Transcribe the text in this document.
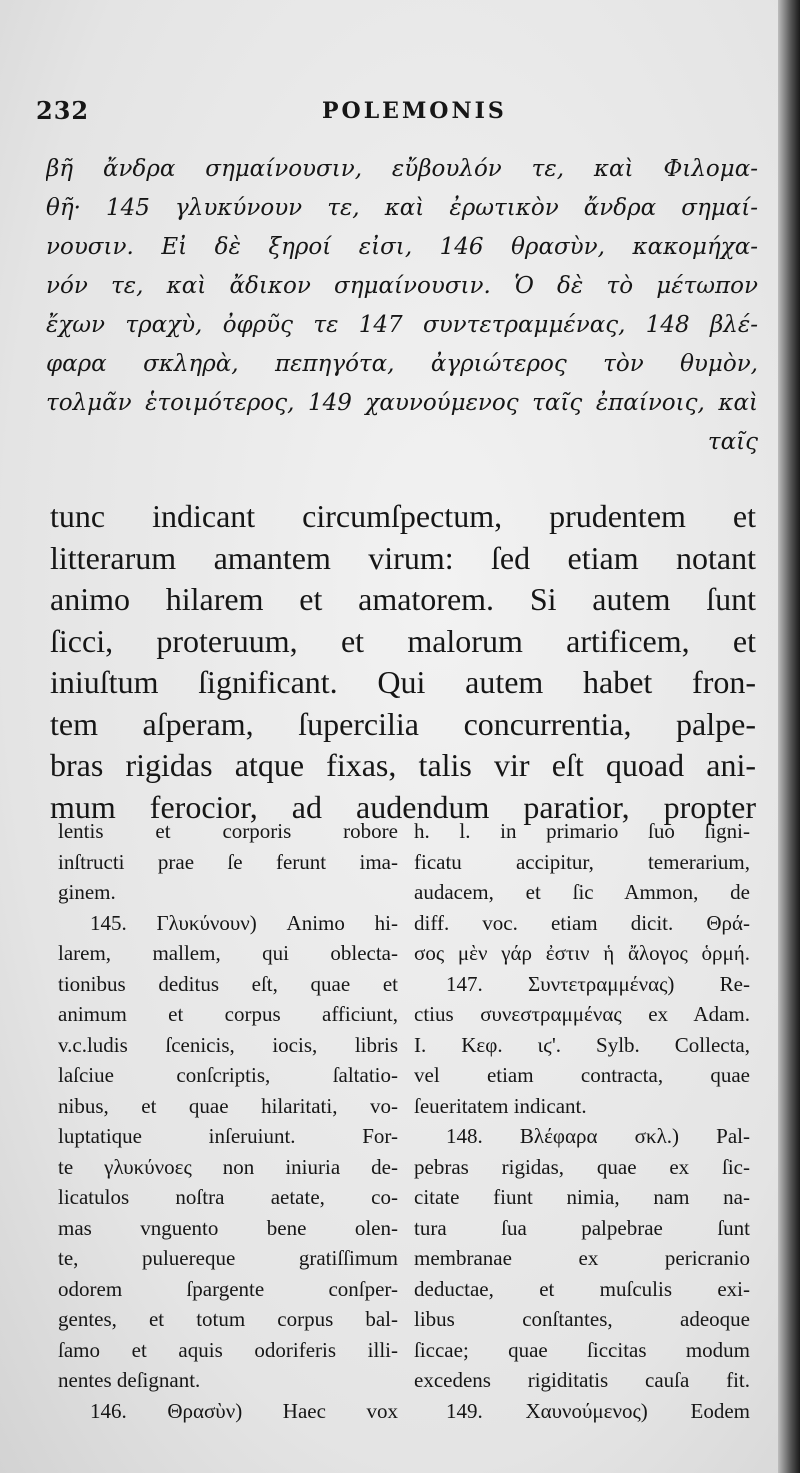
232	POLEMONIS
βῆ ἄνδρα σημαίνουσιν, εὔβουλόν τε, καὶ Φιλομα-
θῆ· 145 γλυκύνουν τε, καὶ ἐρωτικὸν ἄνδρα σημαί-
νουσιν. Εἰ δὲ ξηροί εἰσι, 146 θρασὺν, κακομήχα-
νόν τε, καὶ ἄδικον σημαίνουσιν. Ὁ δὲ τὸ μέτωπον
ἔχων τραχὺ, ὀφρῦς τε 147 συντετραμμένας, 148 βλέ-
φαρα σκληρὰ, πεπηγότα, ἀγριώτερος τὸν θυμὸν,
τολμᾶν ἑτοιμότερος, 149 χαυνούμενος ταῖς ἐπαίνοις, καὶ
ταῖς
tunc indicant circumſpectum, prudentem et
litterarum amantem virum: ſed etiam notant
animo hilarem et amatorem. Si autem ſunt
ſicci, proteruum, et malorum artificem, et
iniuſtum ſignificant. Qui autem habet fron-
tem aſperam, ſupercilia concurrentia, palpe-
bras rigidas atque fixas, talis vir eſt quoad ani-
mum ferocior, ad audendum paratior, propter
lentis et corporis robore
inſtructi prae ſe ferunt ima-
ginem.
145. Γλυκύνουν) Animo hi-
larem, mallem, qui oblecta-
tionibus deditus eſt, quae et
animum et corpus afficiunt,
v.c.ludis ſcenicis, iocis, libris
laſciue conſcriptis, ſaltatio-
nibus, et quae hilaritati, vo-
luptatique inſeruiunt. For-
te γλυκύνοες non iniuria de-
licatulos noſtra aetate, co-
mas vnguento bene olen-
te, puluereque gratiſſimum
odorem ſpargente conſper-
gentes, et totum corpus bal-
ſamo et aquis odoriferis illi-
nentes deſignant.
146. Θρασὺν) Haec vox
h. l. in primario ſuo ſigni-
ficatu accipitur, temerarium,
audacem, et ſic Ammon, de
diff. voc. etiam dicit. Θρά-
σος μὲν γάρ ἐστιν ἡ ἄλογος ὁρμή.
147. Συντετραμμένας) Re-
ctius συνεστραμμένας ex Adam.
I. Κεφ. ιϛ'. Sylb. Collecta,
vel etiam contracta, quae
ſeueritatem indicant.
148. Βλέφαρα σκλ.) Pal-
pebras rigidas, quae ex ſic-
citate fiunt nimia, nam na-
tura ſua palpebrae ſunt
membranae ex pericranio
deductae, et muſculis exi-
libus conſtantes, adeoque
ſiccae; quae ſiccitas modum
excedens rigiditatis cauſa fit.
149. Χαυνούμενος) Eodem
